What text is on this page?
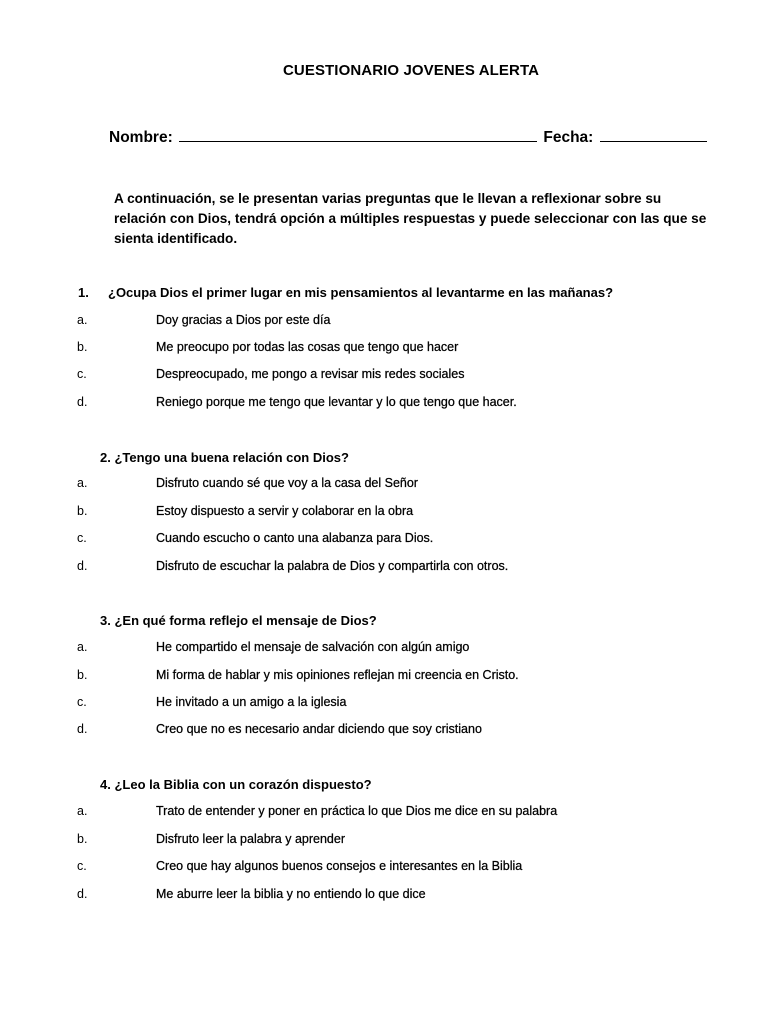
CUESTIONARIO JOVENES ALERTA
Nombre:	Fecha:
A continuación, se le presentan varias preguntas que le llevan a reflexionar sobre su relación con Dios, tendrá opción a múltiples respuestas y puede seleccionar con las que se sienta identificado.
1. ¿Ocupa Dios el primer lugar en mis pensamientos al levantarme en las mañanas?
a.	Doy gracias a Dios por este día
b.	Me preocupo por todas las cosas que tengo que hacer
c.	Despreocupado, me pongo a revisar mis redes sociales
d.	Reniego porque me tengo que levantar y lo que tengo que hacer.
2. ¿Tengo una buena relación con Dios?
a.	Disfruto cuando sé que voy a la casa del Señor
b.	Estoy dispuesto a servir y colaborar en la obra
c.	Cuando escucho o canto una alabanza para Dios.
d.	Disfruto de escuchar la palabra de Dios y compartirla con otros.
3. ¿En qué forma reflejo el mensaje de Dios?
a.	He compartido el mensaje de salvación con algún amigo
b.	Mi forma de hablar y mis opiniones reflejan mi creencia en Cristo.
c.	He invitado a un amigo a la iglesia
d.	Creo que no es necesario andar diciendo que soy cristiano
4. ¿Leo la Biblia con un corazón dispuesto?
a.	Trato de entender y poner en práctica lo que Dios me dice en su palabra
b.	Disfruto leer la palabra y aprender
c.	Creo que hay algunos buenos consejos e interesantes en la Biblia
d.	Me aburre leer la biblia y no entiendo lo que dice
